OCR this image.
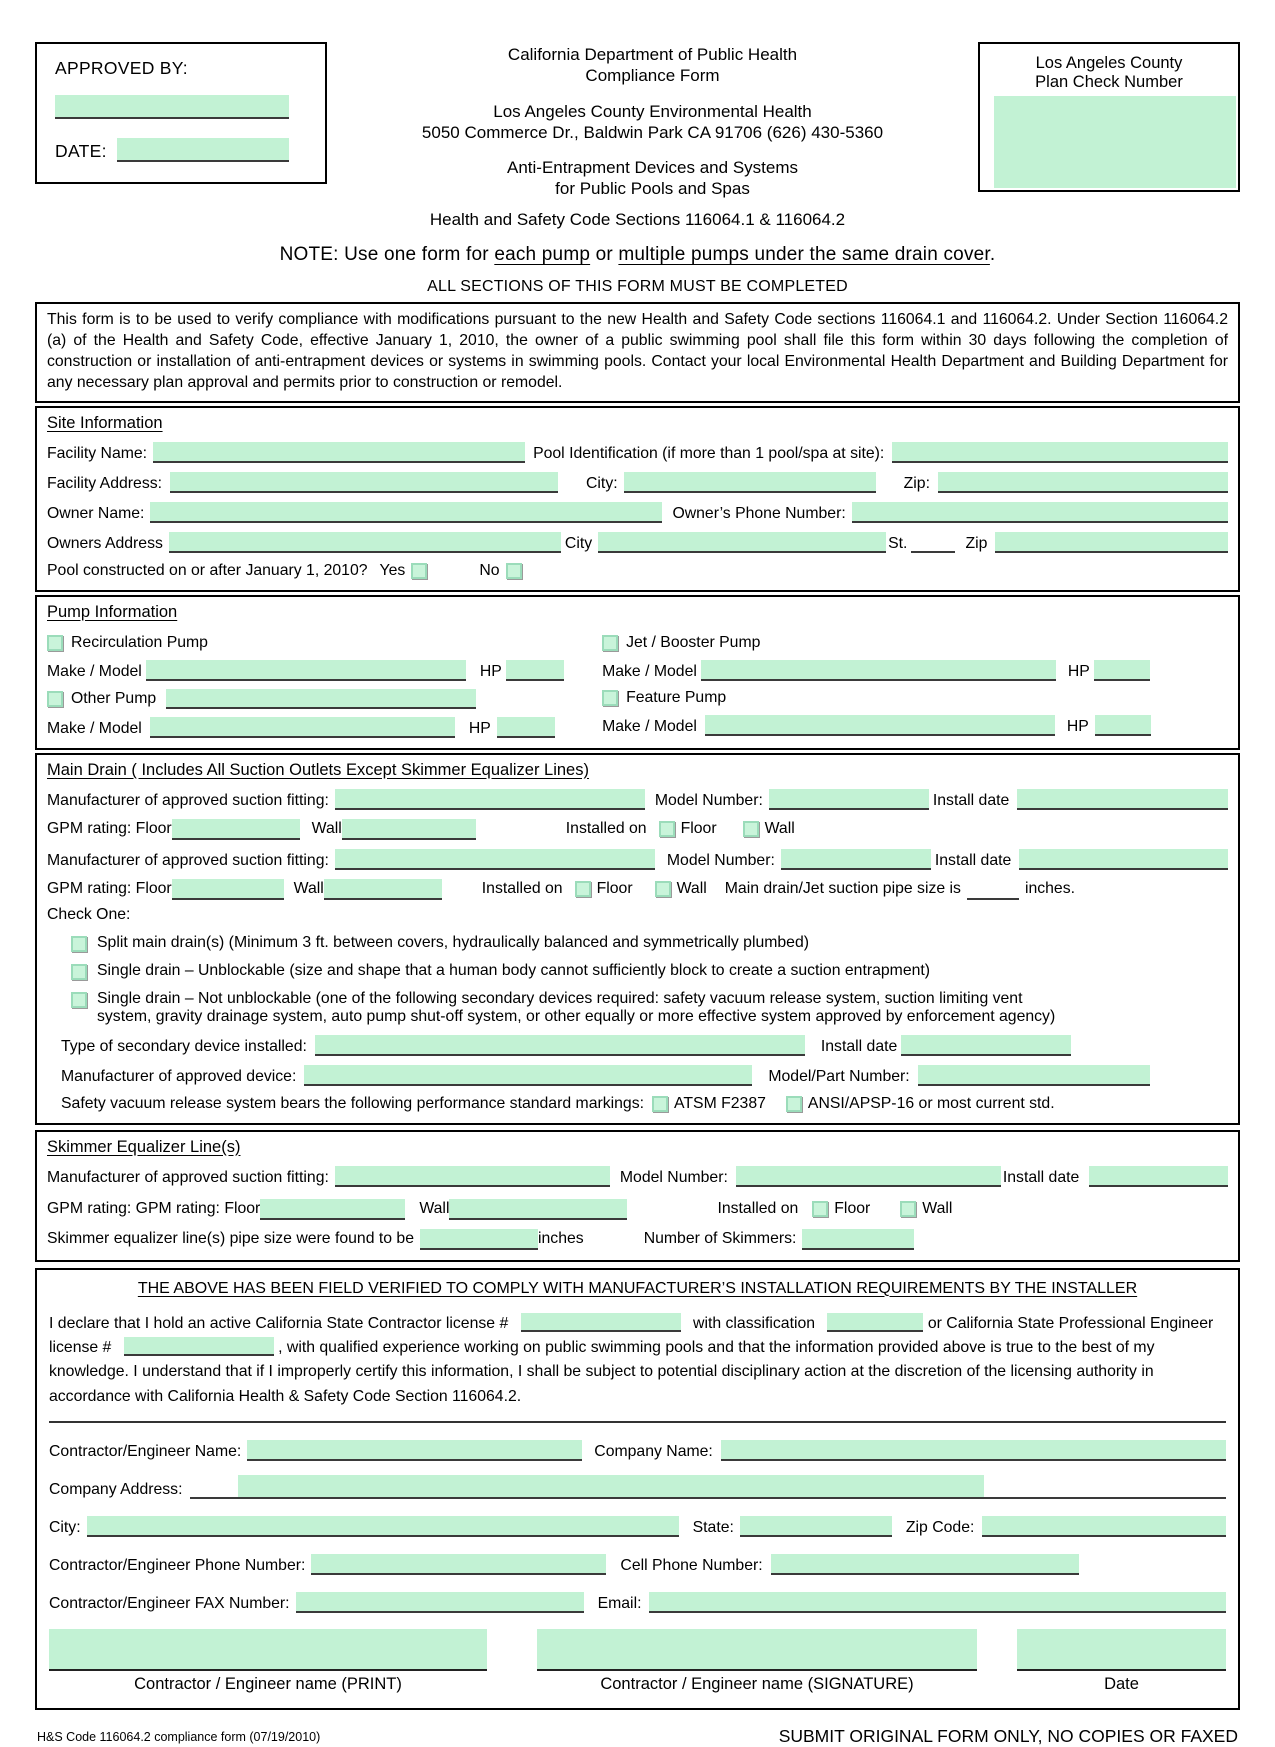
APPROVED BY:
DATE:
California Department of Public Health
Compliance Form
Los Angeles County Environmental Health
5050 Commerce Dr., Baldwin Park CA 91706 (626) 430-5360
Anti-Entrapment Devices and Systems
for Public Pools and Spas
Los Angeles County
Plan Check Number
Health and Safety Code Sections 116064.1 & 116064.2
NOTE: Use one form for each pump or multiple pumps under the same drain cover.
ALL SECTIONS OF THIS FORM MUST BE COMPLETED
This form is to be used to verify compliance with modifications pursuant to the new Health and Safety Code sections 116064.1 and 116064.2. Under Section 116064.2 (a) of the Health and Safety Code, effective January 1, 2010, the owner of a public swimming pool shall file this form within 30 days following the completion of construction or installation of anti-entrapment devices or systems in swimming pools. Contact your local Environmental Health Department and Building Department for any necessary plan approval and permits prior to construction or remodel.
Site Information
Facility Name:	Pool Identification (if more than 1 pool/spa at site):
Facility Address:	City:	Zip:
Owner Name:	Owner’s Phone Number:
Owners Address	City	St.	Zip
Pool constructed on or after January 1, 2010? Yes	No
Pump Information
Recirculation Pump
Make / Model	HP
Other Pump
Make / Model	HP
Jet / Booster Pump
Make / Model	HP
Feature Pump
Make / Model	HP
Main Drain ( Includes All Suction Outlets Except Skimmer Equalizer Lines)
Manufacturer of approved suction fitting:	Model Number:	Install date
GPM rating: Floor	Wall	Installed on Floor	Wall
Manufacturer of approved suction fitting:	Model Number:	Install date
GPM rating: Floor	Wall	Installed on Floor	Wall Main drain/Jet suction pipe size is	inches.
Check One:
Split main drain(s) (Minimum 3 ft. between covers, hydraulically balanced and symmetrically plumbed)
Single drain – Unblockable (size and shape that a human body cannot sufficiently block to create a suction entrapment)
Single drain – Not unblockable (one of the following secondary devices required: safety vacuum release system, suction limiting vent
system, gravity drainage system, auto pump shut-off system, or other equally or more effective system approved by enforcement agency)
Type of secondary device installed:	Install date
Manufacturer of approved device:	Model/Part Number:
Safety vacuum release system bears the following performance standard markings: ATSM F2387	ANSI/APSP-16 or most current std.
Skimmer Equalizer Line(s)
Manufacturer of approved suction fitting:	Model Number:	Install date
GPM rating: GPM rating: Floor	Wall	Installed on Floor	Wall
Skimmer equalizer line(s) pipe size were found to be	inches	Number of Skimmers:
THE ABOVE HAS BEEN FIELD VERIFIED TO COMPLY WITH MANUFACTURER’S INSTALLATION REQUIREMENTS BY THE INSTALLER
I declare that I hold an active California State Contractor license #	with classification	or California State Professional Engineer license #	, with qualified experience working on public swimming pools and that the information provided above is true to the best of my knowledge. I understand that if I improperly certify this information, I shall be subject to potential disciplinary action at the discretion of the licensing authority in accordance with California Health & Safety Code Section 116064.2.
Contractor/Engineer Name:	Company Name:
Company Address:
City:	State:	Zip Code:
Contractor/Engineer Phone Number:	Cell Phone Number:
Contractor/Engineer FAX Number:	Email:
Contractor / Engineer name (PRINT)	Contractor / Engineer name (SIGNATURE)	Date
H&S Code 116064.2 compliance form (07/19/2010)	SUBMIT ORIGINAL FORM ONLY, NO COPIES OR FAXED
